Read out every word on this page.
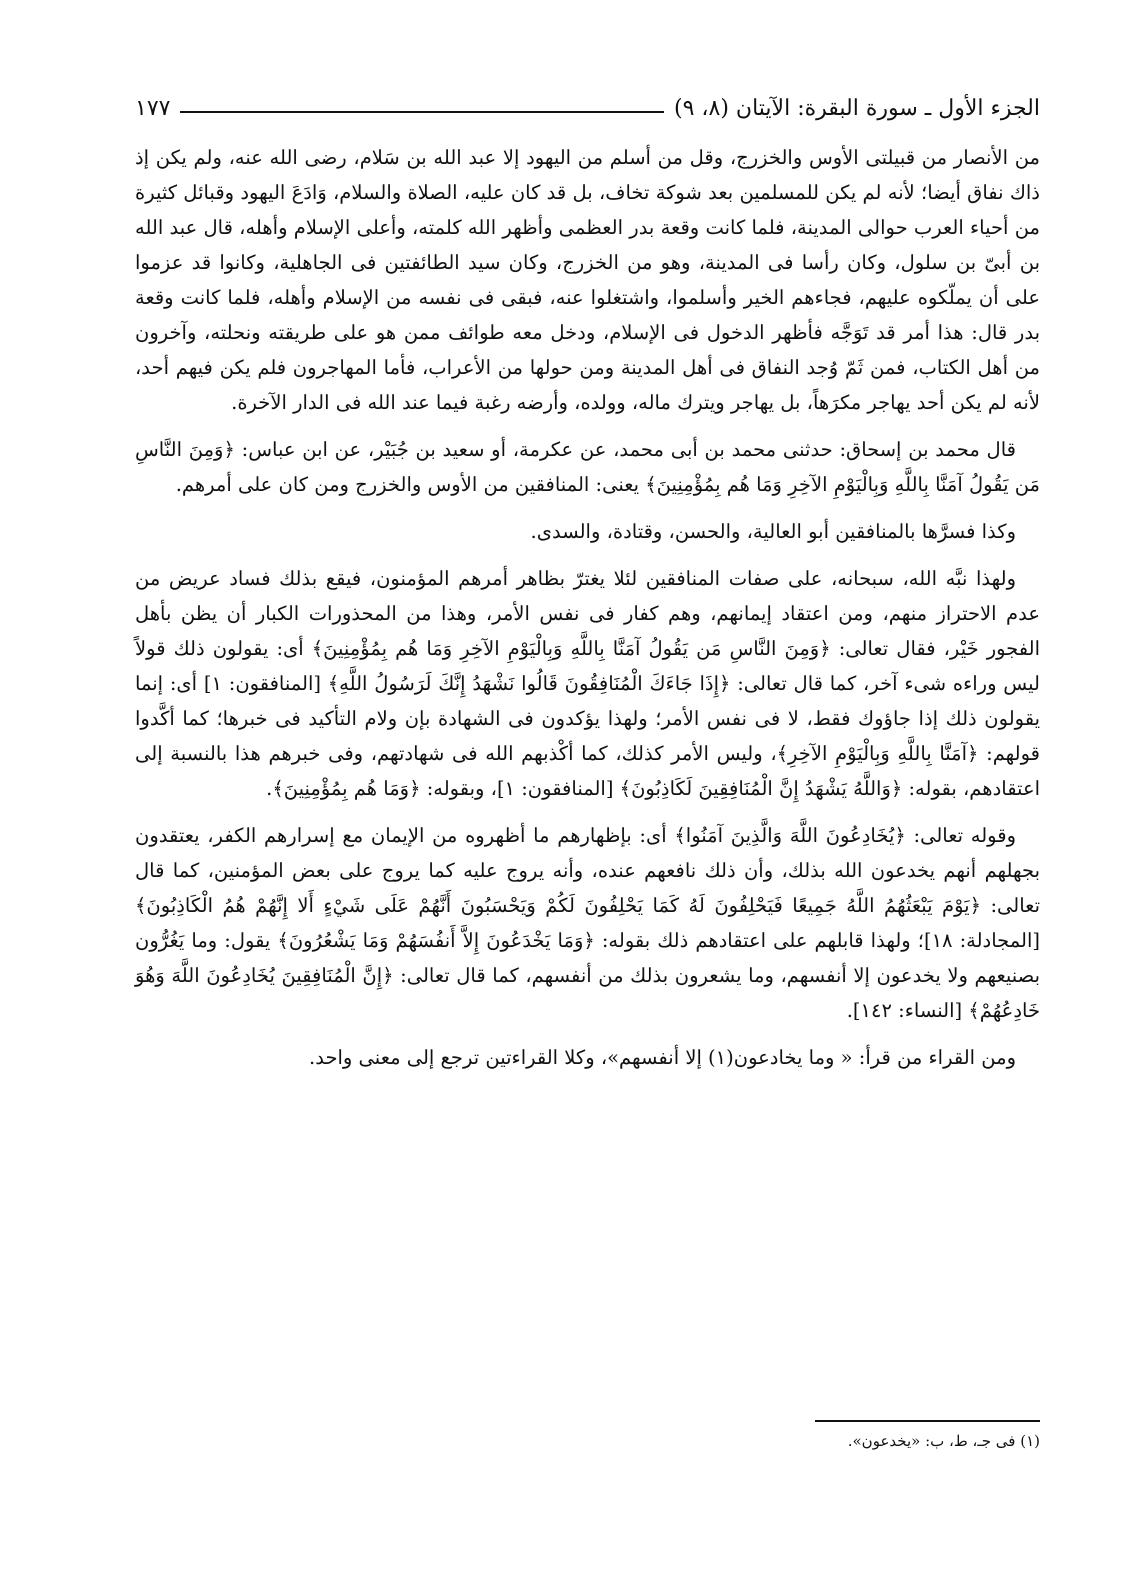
الجزء الأول ـ سورة البقرة: الآيتان (٨، ٩)
١٧٧

من الأنصار من قبيلتى الأوس والخزرج، وقل من أسلم من اليهود إلا عبد الله بن سَلام، رضى الله عنه، ولم يكن إذ ذاك نفاق أيضا؛ لأنه لم يكن للمسلمين بعد شوكة تخاف، بل قد كان عليه، الصلاة والسلام، وَادَعَ اليهود وقبائل كثيرة من أحياء العرب حوالى المدينة، فلما كانت وقعة بدر العظمى وأظهر الله كلمته، وأعلى الإسلام وأهله، قال عبد الله بن أبىّ بن سلول، وكان رأسا فى المدينة، وهو من الخزرج، وكان سيد الطائفتين فى الجاهلية، وكانوا قد عزموا على أن يملّكوه عليهم، فجاءهم الخير وأسلموا، واشتغلوا عنه، فبقى فى نفسه من الإسلام وأهله، فلما كانت وقعة بدر قال: هذا أمر قد تَوَجَّه فأظهر الدخول فى الإسلام، ودخل معه طوائف ممن هو على طريقته ونحلته، وآخرون من أهل الكتاب، فمن ثَمّ وُجد النفاق فى أهل المدينة ومن حولها من الأعراب، فأما المهاجرون فلم يكن فيهم أحد، لأنه لم يكن أحد يهاجر مكرَهاً، بل يهاجر ويترك ماله، وولده، وأرضه رغبة فيما عند الله فى الدار الآخرة.

قال محمد بن إسحاق: حدثنى محمد بن أبى محمد، عن عكرمة، أو سعيد بن جُبَيْر، عن ابن عباس: ﴿وَمِنَ النَّاسِ مَن يَقُولُ آمَنَّا بِاللَّهِ وَبِالْيَوْمِ الآخِرِ وَمَا هُم بِمُؤْمِنِينَ﴾ يعنى: المنافقين من الأوس والخزرج ومن كان على أمرهم.

وكذا فسرَّها بالمنافقين أبو العالية، والحسن، وقتادة، والسدى.

ولهذا نبَّه الله، سبحانه، على صفات المنافقين لئلا يغترّ بظاهر أمرهم المؤمنون، فيقع بذلك فساد عريض من عدم الاحتراز منهم، ومن اعتقاد إيمانهم، وهم كفار فى نفس الأمر، وهذا من المحذورات الكبار أن يظن بأهل الفجور خَيْر، فقال تعالى: ﴿وَمِنَ النَّاسِ مَن يَقُولُ آمَنَّا بِاللَّهِ وَبِالْيَوْمِ الآخِرِ وَمَا هُم بِمُؤْمِنِينَ﴾ أى: يقولون ذلك قولاً ليس وراءه شىء آخر، كما قال تعالى: ﴿إِذَا جَاءَكَ الْمُنَافِقُونَ قَالُوا نَشْهَدُ إِنَّكَ لَرَسُولُ اللَّهِ﴾ [المنافقون: ١] أى: إنما يقولون ذلك إذا جاؤوك فقط، لا فى نفس الأمر؛ ولهذا يؤكدون فى الشهادة بإن ولام التأكيد فى خبرها؛ كما أكَّدوا قولهم: ﴿آمَنَّا بِاللَّهِ وَبِالْيَوْمِ الآخِرِ﴾، وليس الأمر كذلك، كما أكْذبهم الله فى شهادتهم، وفى خبرهم هذا بالنسبة إلى اعتقادهم، بقوله: ﴿وَاللَّهُ يَشْهَدُ إِنَّ الْمُنَافِقِينَ لَكَاذِبُونَ﴾ [المنافقون: ١]، وبقوله: ﴿وَمَا هُم بِمُؤْمِنِينَ﴾.

وقوله تعالى: ﴿يُخَادِعُونَ اللَّهَ وَالَّذِينَ آمَنُوا﴾ أى: بإظهارهم ما أظهروه من الإيمان مع إسرارهم الكفر، يعتقدون بجهلهم أنهم يخدعون الله بذلك، وأن ذلك نافعهم عنده، وأنه يروج عليه كما يروج على بعض المؤمنين، كما قال تعالى: ﴿يَوْمَ يَبْعَثُهُمُ اللَّهُ جَمِيعًا فَيَحْلِفُونَ لَهُ كَمَا يَحْلِفُونَ لَكُمْ وَيَحْسَبُونَ أَنَّهُمْ عَلَى شَيْءٍ أَلا إِنَّهُمْ هُمُ الْكَاذِبُونَ﴾ [المجادلة: ١٨]؛ ولهذا قابلهم على اعتقادهم ذلك بقوله: ﴿وَمَا يَخْدَعُونَ إِلاَّ أَنفُسَهُمْ وَمَا يَشْعُرُونَ﴾ يقول: وما يَغُرُّون بصنيعهم ولا يخدعون إلا أنفسهم، وما يشعرون بذلك من أنفسهم، كما قال تعالى: ﴿إِنَّ الْمُنَافِقِينَ يُخَادِعُونَ اللَّهَ وَهُوَ خَادِعُهُمْ﴾ [النساء: ١٤٢].

ومن القراء من قرأ: « وما يخادعون(١) إلا أنفسهم»، وكلا القراءتين ترجع إلى معنى واحد.

(١) فى جـ، ط، ب: «يخدعون».
